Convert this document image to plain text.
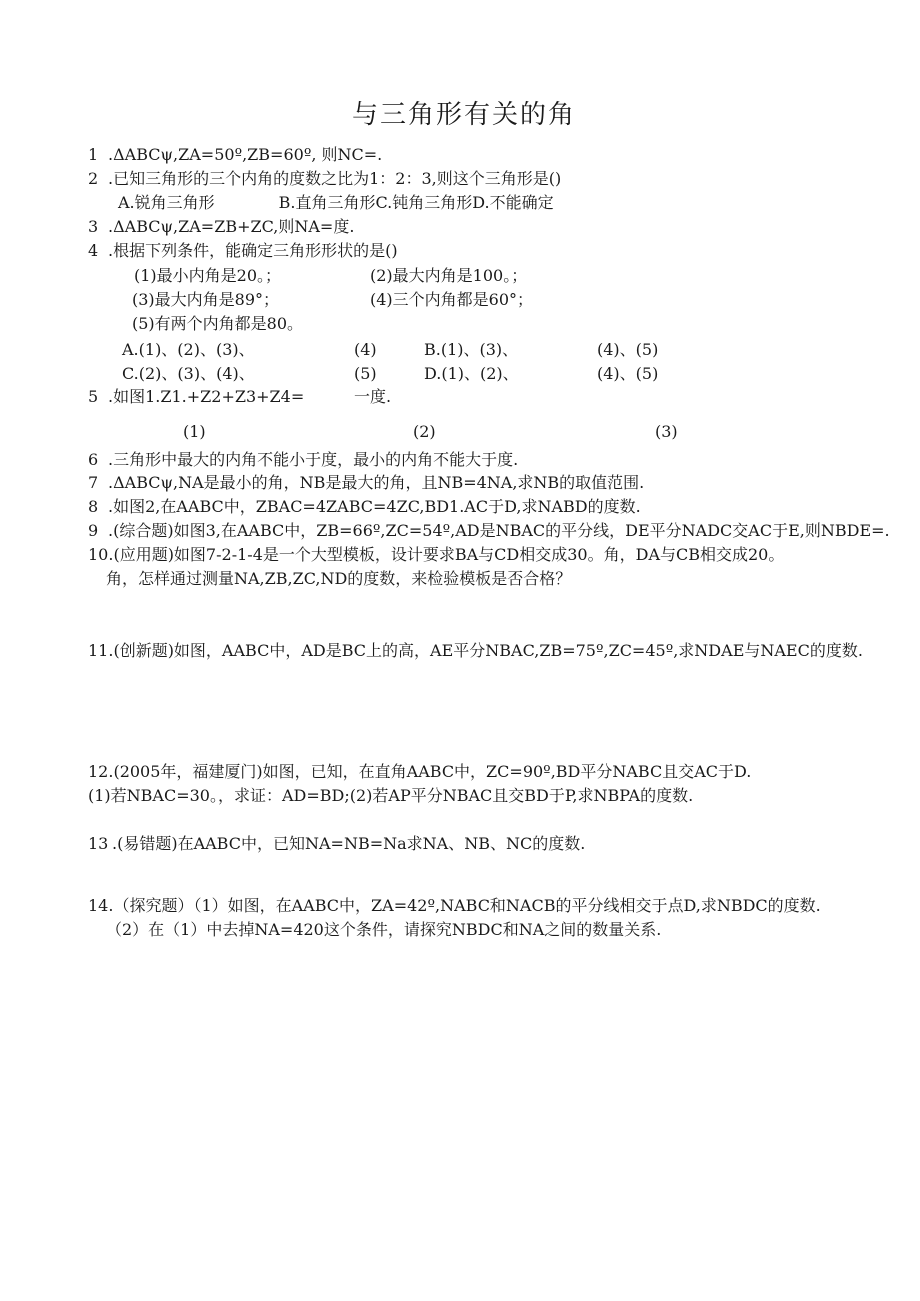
与三角形有关的角
1 .ΔABCψ,ZA=50º,ZB=60º, 则NC=.
2 .已知三角形的三个内角的度数之比为1：2：3,则这个三角形是()
A.锐角三角形　　　　B.直角三角形C.钝角三角形D.不能确定
3 .ΔABCψ,ZA=ZB+ZC,则NA=度.
4 .根据下列条件，能确定三角形形状的是()
(1)最小内角是20。；	(2)最大内角是100。；
(3)最大内角是89°；	(4)三个内角都是60°；
(5)有两个内角都是80。
A.(1)、(2)、(3)、	(4)	B.(1)、(3)、	(4)、(5)
C.(2)、(3)、(4)、	(5)	D.(1)、(2)、	(4)、(5)
5 .如图1.Z1.+Z2+Z3+Z4=	一度.
(1)	(2)	(3)
6 .三角形中最大的内角不能小于度，最小的内角不能大于度.
7 .ΔABCψ,NA是最小的角，NB是最大的角，且NB=4NA,求NB的取值范围.
8 .如图2,在AABC中，ZBAC=4ZABC=4ZC,BD1.AC于D,求NABD的度数.
9 .(综合题)如图3,在AABC中，ZB=66º,ZC=54º,AD是NBAC的平分线，DE平分NADC交AC于E,则NBDE=.
10.(应用题)如图7-2-1-4是一个大型模板，设计要求BA与CD相交成30。角，DA与CB相交成20。
角，怎样通过测量NA,ZB,ZC,ND的度数，来检验模板是否合格？
11.(创新题)如图，AABC中，AD是BC上的高，AE平分NBAC,ZB=75º,ZC=45º,求NDAE与NAEC的度数.
12.(2005年，福建厦门)如图，已知，在直角AABC中，ZC=90º,BD平分NABC且交AC于D.
(1)若NBAC=30。，求证：AD=BD;(2)若AP平分NBAC且交BD于P,求NBPA的度数.
13 .(易错题)在AABC中，已知NA=NB=Na求NA、NB、NC的度数.
14.（探究题）（1）如图，在AABC中，ZA=42º,NABC和NACB的平分线相交于点D,求NBDC的度数.
（2）在（1）中去掉NA=420这个条件，请探究NBDC和NA之间的数量关系.
